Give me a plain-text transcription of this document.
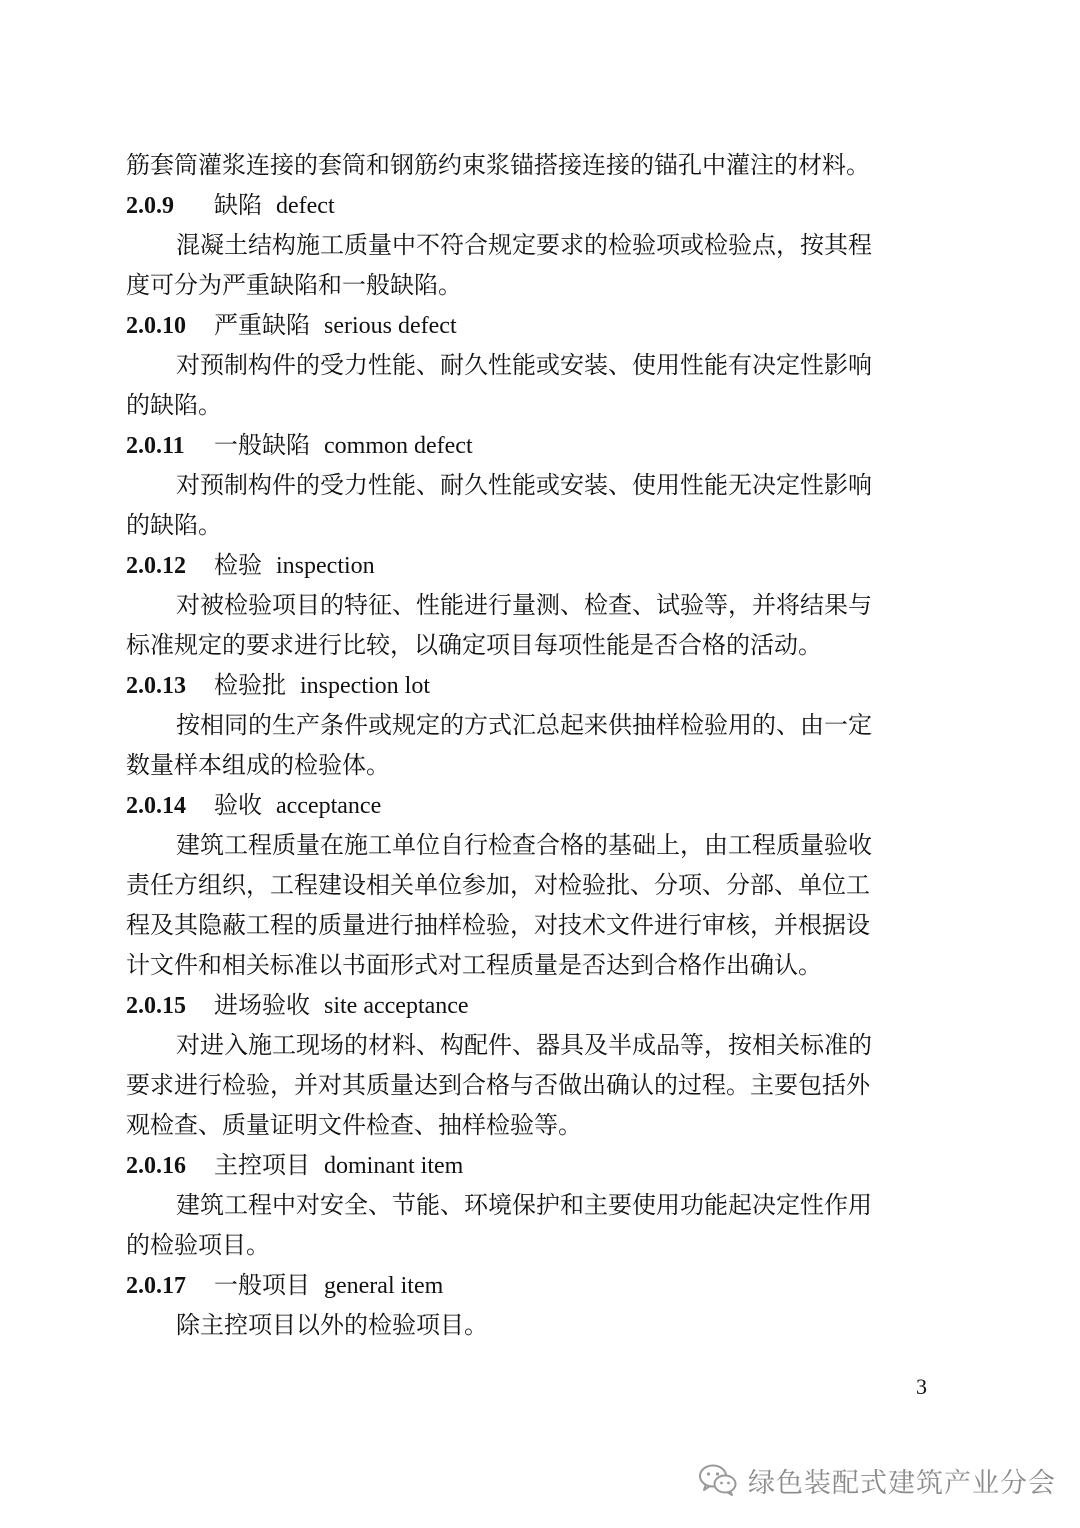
筋套筒灌浆连接的套筒和钢筋约束浆锚搭接连接的锚孔中灌注的材料。
2.0.9 缺陷 defect
混凝土结构施工质量中不符合规定要求的检验项或检验点，按其程
度可分为严重缺陷和一般缺陷。
2.0.10 严重缺陷 serious defect
对预制构件的受力性能、耐久性能或安装、使用性能有决定性影响
的缺陷。
2.0.11 一般缺陷 common defect
对预制构件的受力性能、耐久性能或安装、使用性能无决定性影响
的缺陷。
2.0.12 检验 inspection
对被检验项目的特征、性能进行量测、检查、试验等，并将结果与
标准规定的要求进行比较，以确定项目每项性能是否合格的活动。
2.0.13 检验批 inspection lot
按相同的生产条件或规定的方式汇总起来供抽样检验用的、由一定
数量样本组成的检验体。
2.0.14 验收 acceptance
建筑工程质量在施工单位自行检查合格的基础上，由工程质量验收
责任方组织，工程建设相关单位参加，对检验批、分项、分部、单位工
程及其隐蔽工程的质量进行抽样检验，对技术文件进行审核，并根据设
计文件和相关标准以书面形式对工程质量是否达到合格作出确认。
2.0.15 进场验收 site acceptance
对进入施工现场的材料、构配件、器具及半成品等，按相关标准的
要求进行检验，并对其质量达到合格与否做出确认的过程。主要包括外
观检查、质量证明文件检查、抽样检验等。
2.0.16 主控项目 dominant item
建筑工程中对安全、节能、环境保护和主要使用功能起决定性作用
的检验项目。
2.0.17 一般项目 general item
除主控项目以外的检验项目。
3
绿色装配式建筑产业分会
